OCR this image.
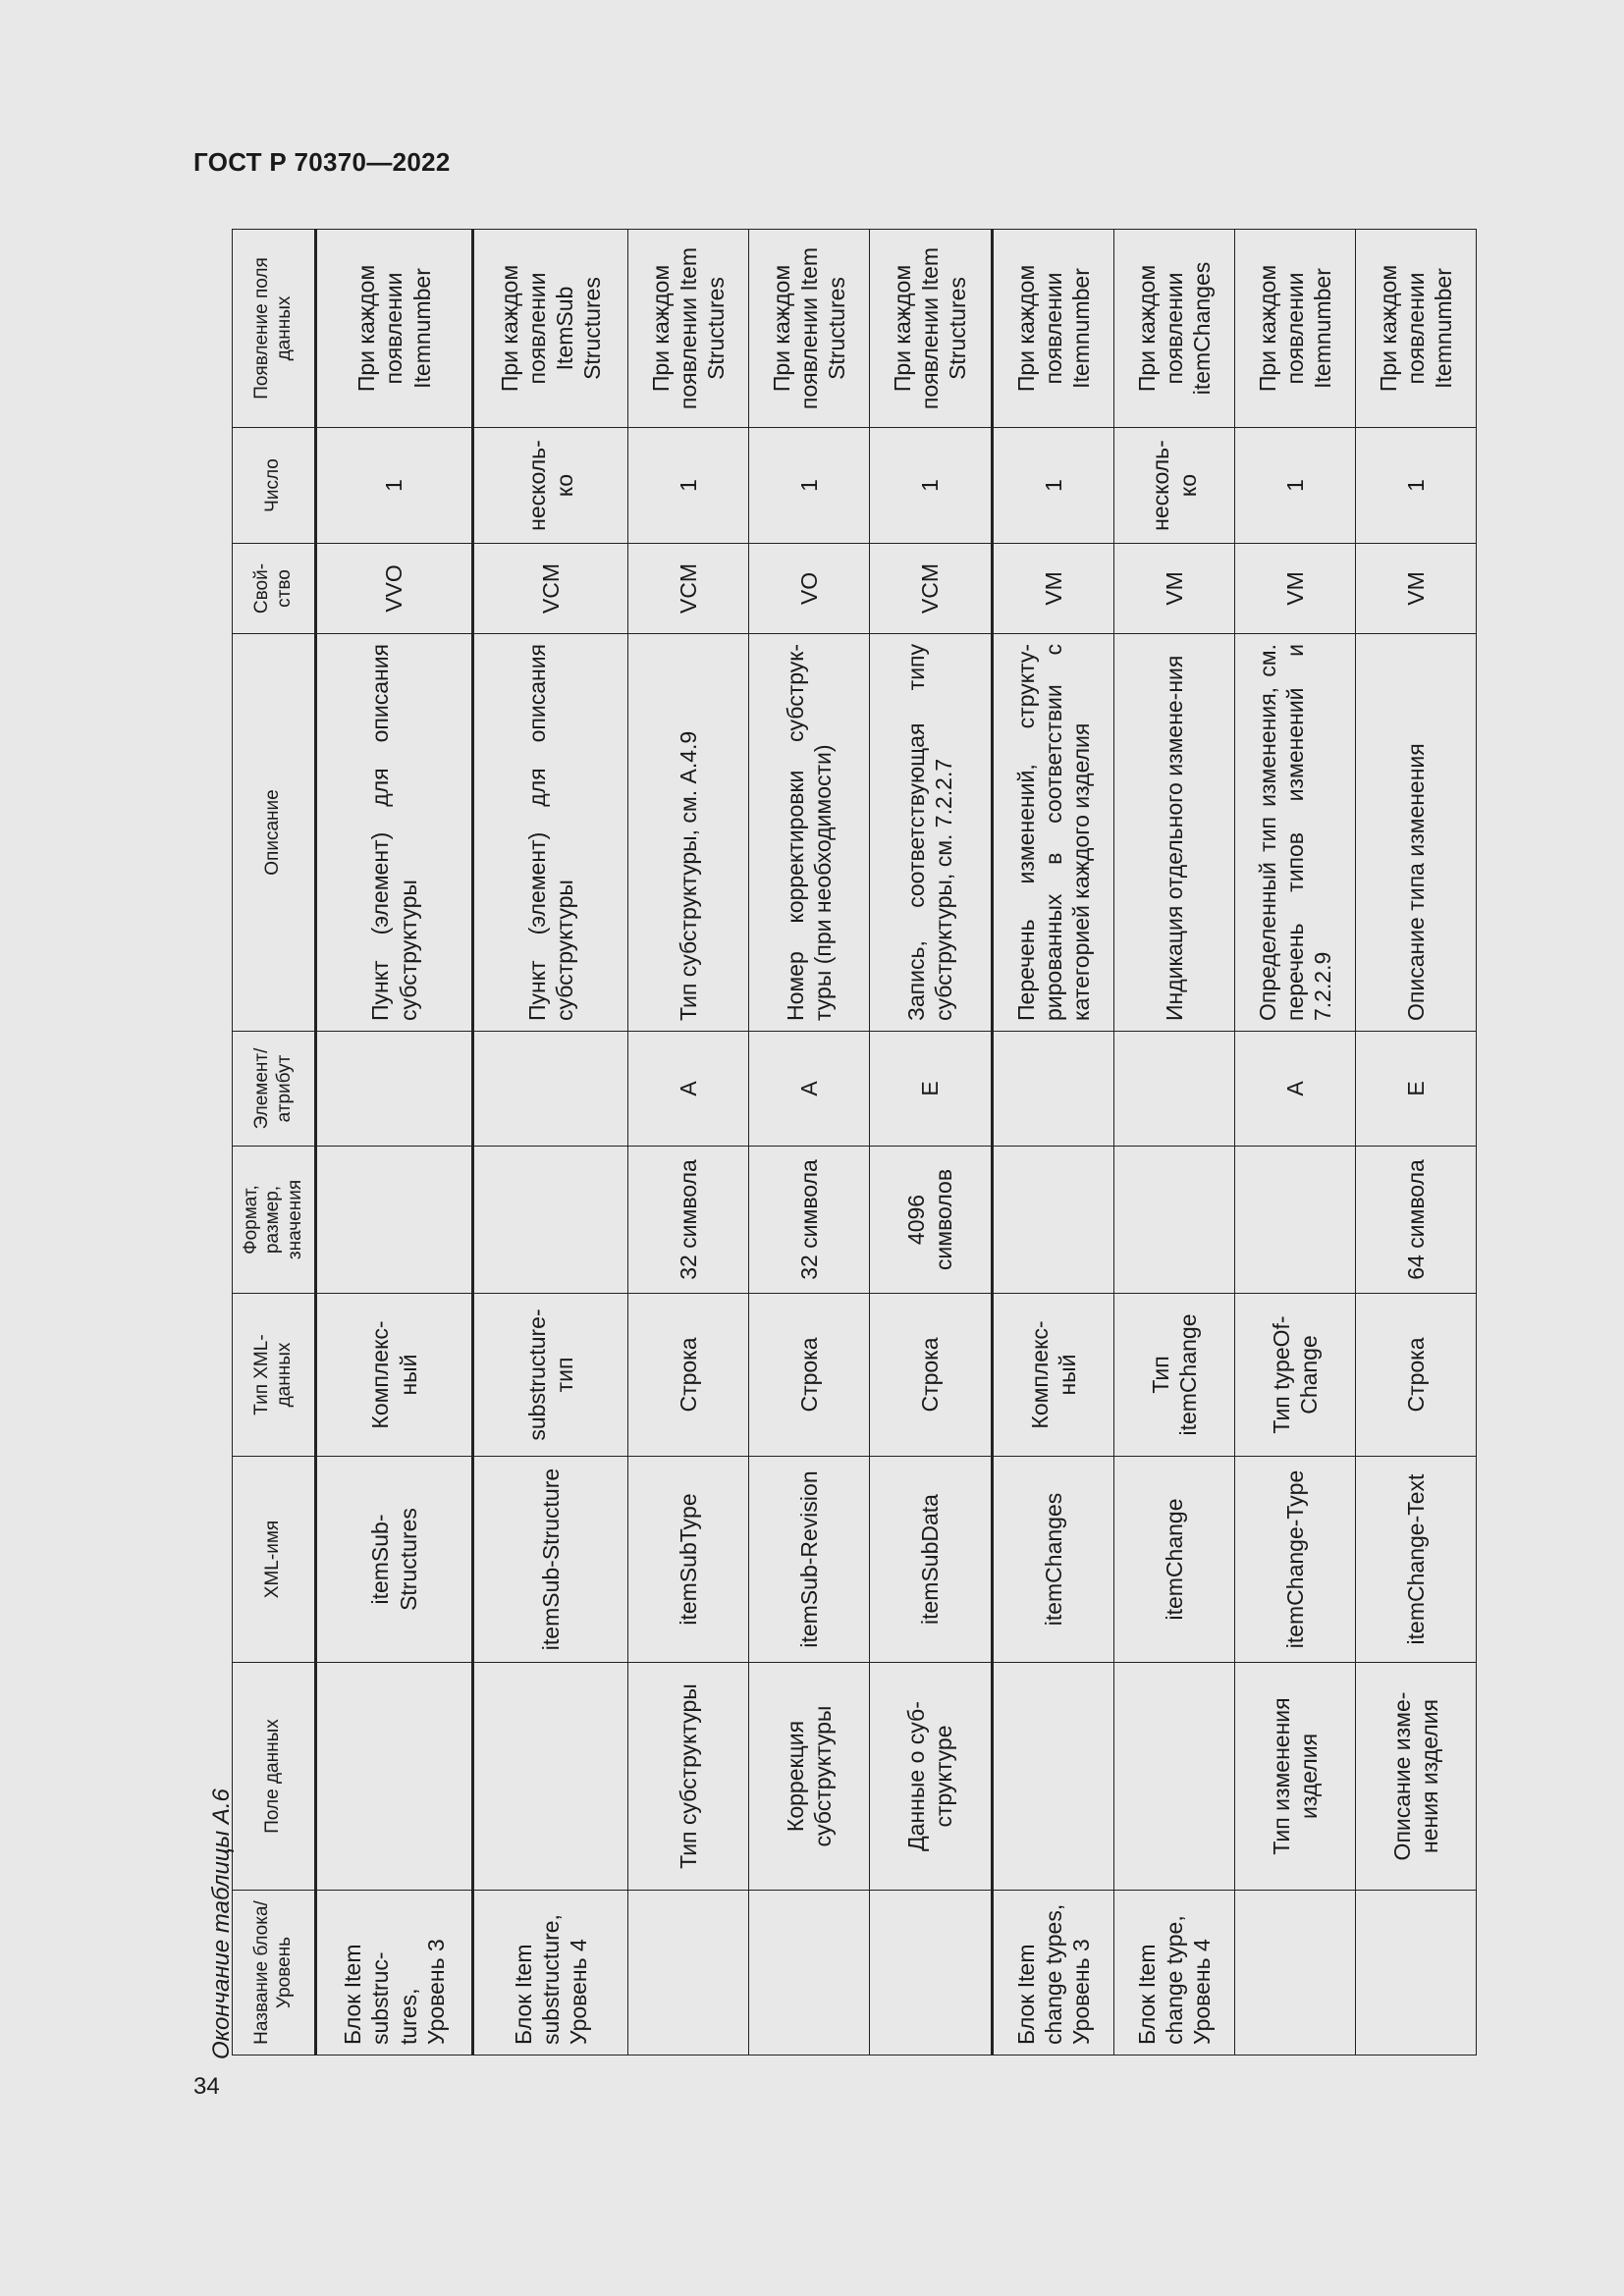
ГОСТ Р 70370—2022
34
Окончание таблицы А.6 Название блока/ Уровень	Поле данных	XML-имя	Тип XML-данных	Формат, размер, значения	Элемент/ атрибут	Описание	Свой-ство	Число	Появление поля данных
Блок Item substruc-tures, Уровень 3		itemSub-Structures	Комплекс-ный			Пункт (элемент) для описания субструктуры	VVO	1	При каждом появлении Itemnumber
Блок Item substructure, Уровень 4		itemSub-Structure	substructure-тип			Пункт (элемент) для описания субструктуры	VCM	несколь-ко	При каждом появлении ItemSub Structures
	Тип субструктуры	itemSubType	Строка	32 символа	A	Тип субструктуры, см. А.4.9	VCM	1	При каждом появлении Item Structures
	Коррекция субструктуры	itemSub-Revision	Строка	32 символа	A	Номер корректировки субструк-туры (при необходимости)	VO	1	При каждом появлении Item Structures
	Данные о суб-структуре	itemSubData	Строка	4096 символов	E	Запись, соответствующая типу субструктуры, см. 7.2.2.7	VCM	1	При каждом появлении Item Structures
Блок Item change types, Уровень 3		itemChanges	Комплекс-ный			Перечень изменений, структу-рированных в соответствии с категорией каждого изделия	VM	1	При каждом появлении Itemnumber
Блок Item change type, Уровень 4		itemChange	Тип itemChange			Индикация отдельного измене-ния	VM	несколь-ко	При каждом появлении itemChanges
	Тип изменения изделия	itemChange-Type	Тип typeOf-Change		A	Определенный тип изменения, см. перечень типов изменений и 7.2.2.9	VM	1	При каждом появлении Itemnumber
	Описание изме-нения изделия	itemChange-Text	Строка	64 символа	E	Описание типа изменения	VM	1	При каждом появлении Itemnumber
